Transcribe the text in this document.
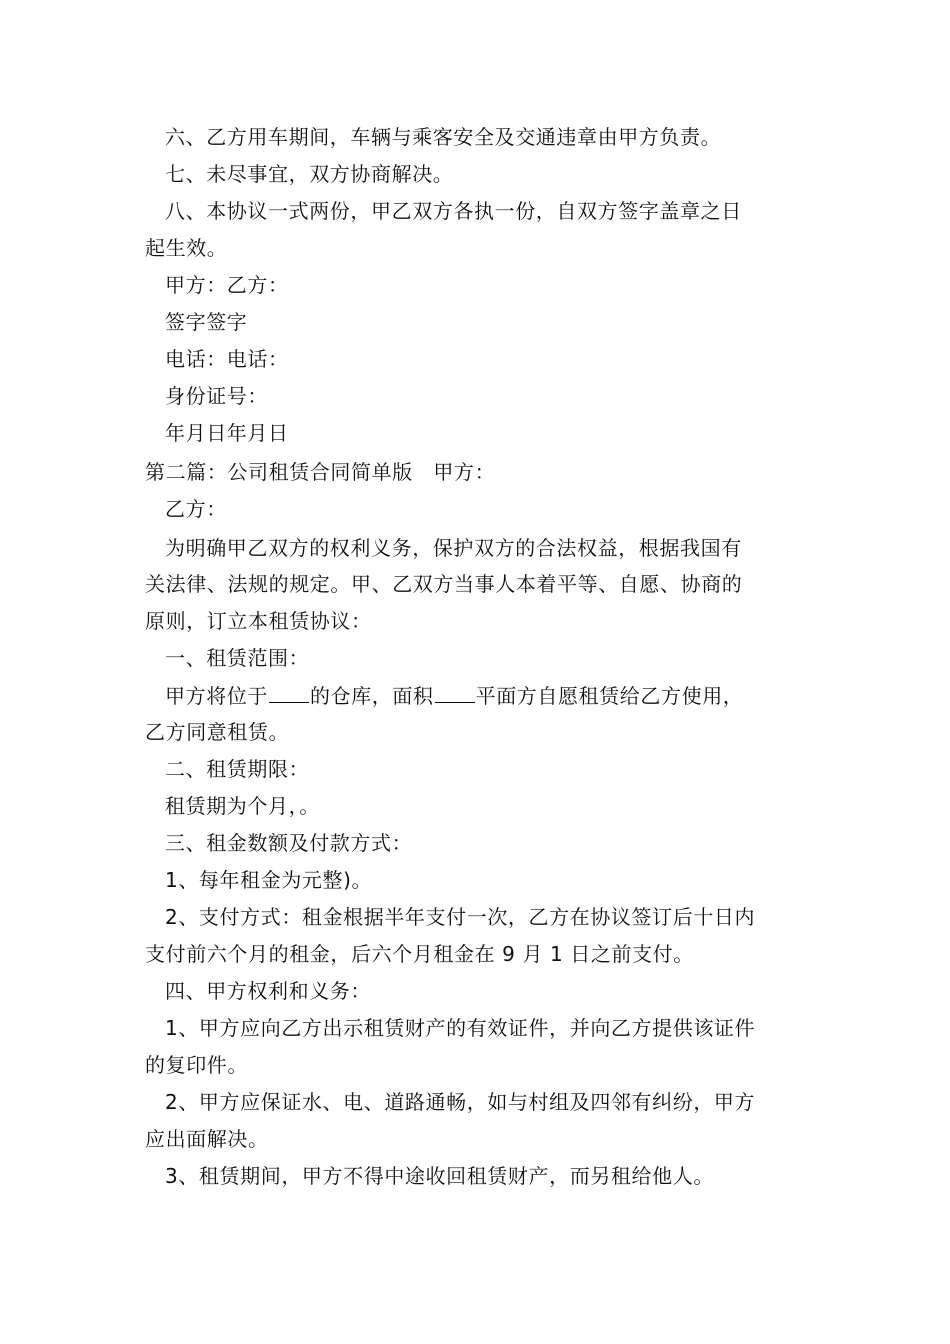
六、乙方用车期间，车辆与乘客安全及交通违章由甲方负责。
七、未尽事宜，双方协商解决。
八、本协议一式两份，甲乙双方各执一份，自双方签字盖章之日
起生效。
甲方：乙方：
签字签字
电话：电话：
身份证号：
年月日年月日
第二篇：公司租赁合同简单版　甲方：
乙方：
为明确甲乙双方的权利义务，保护双方的合法权益，根据我国有
关法律、法规的规定。甲、乙双方当事人本着平等、自愿、协商的
原则，订立本租赁协议：
一、租赁范围：
甲方将位于 的仓库，面积 平面方自愿租赁给乙方使用，
乙方同意租赁。
二、租赁期限：
租赁期为个月，。
三、租金数额及付款方式：
1、每年租金为元整)。
2、支付方式：租金根据半年支付一次，乙方在协议签订后十日内
支付前六个月的租金，后六个月租金在 9 月 1 日之前支付。
四、甲方权利和义务：
1、甲方应向乙方出示租赁财产的有效证件，并向乙方提供该证件
的复印件。
2、甲方应保证水、电、道路通畅，如与村组及四邻有纠纷，甲方
应出面解决。
3、租赁期间，甲方不得中途收回租赁财产，而另租给他人。
